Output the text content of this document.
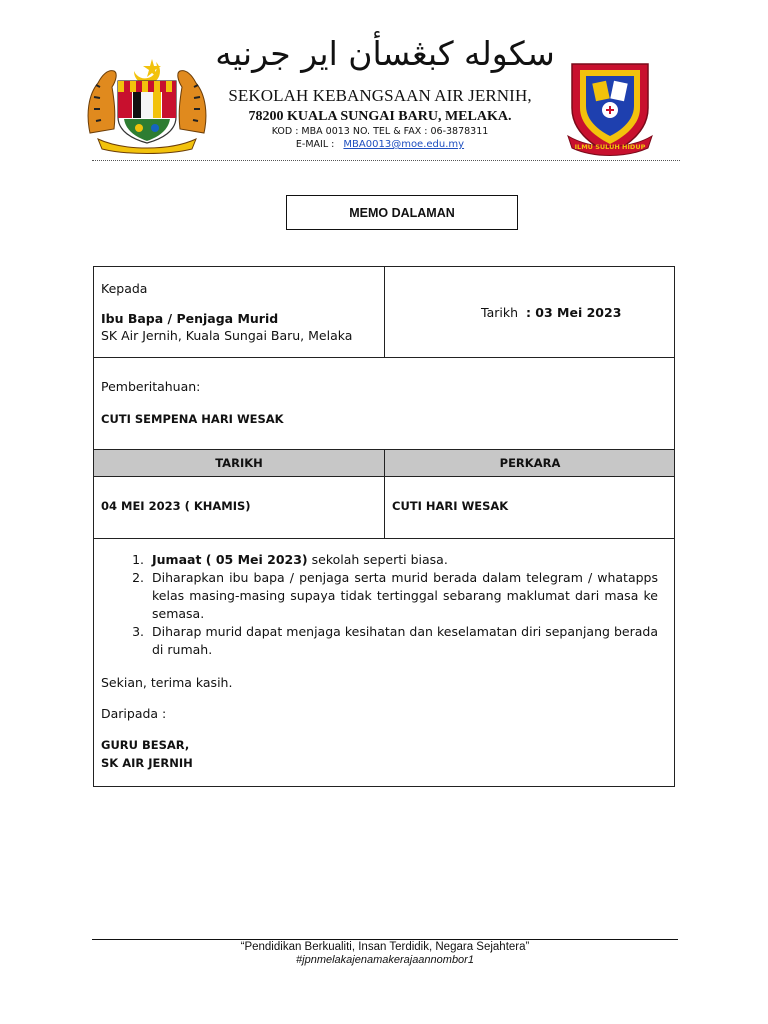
سکوله کبڠسأن اير جرنيه
SEKOLAH KEBANGSAAN AIR JERNIH,
78200 KUALA SUNGAI BARU, MELAKA.
KOD : MBA 0013 NO. TEL & FAX : 06-3878311
E-MAIL : MBA0013@moe.edu.my	ILMU SULUH HIDUP
MEMO DALAMAN
Kepada
Ibu Bapa / Penjaga Murid
SK Air Jernih, Kuala Sungai Baru, Melaka
Tarikh : 03 Mei 2023
Pemberitahuan:
CUTI SEMPENA HARI WESAK
TARIKH	PERKARA
04 MEI 2023 ( KHAMIS)	CUTI HARI WESAK
1. Jumaat ( 05 Mei 2023) sekolah seperti biasa.
2. Diharapkan ibu bapa / penjaga serta murid berada dalam telegram / whatapps kelas masing-masing supaya tidak tertinggal sebarang maklumat dari masa ke semasa.
3. Diharap murid dapat menjaga kesihatan dan keselamatan diri sepanjang berada di rumah.
Sekian, terima kasih.
Daripada :
GURU BESAR,
SK AIR JERNIH
“Pendidikan Berkualiti, Insan Terdidik, Negara Sejahtera”
#jpnmelakajenamakerajaannombor1
